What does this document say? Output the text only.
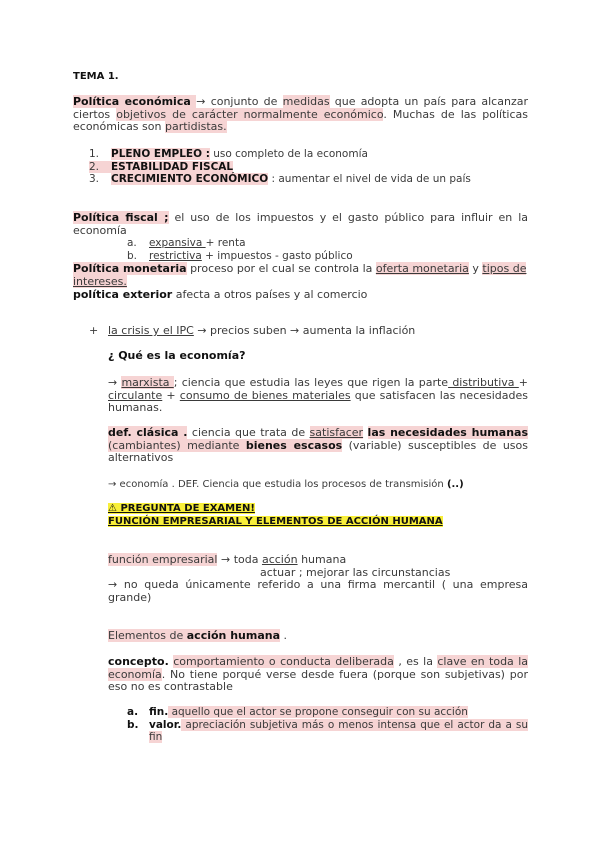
TEMA 1.
Política económica → conjunto de medidas que adopta un país para alcanzar ciertos objetivos de carácter normalmente económico. Muchas de las políticas económicas son partidistas.
1. PLENO EMPLEO : uso completo de la economía
2. ESTABILIDAD FISCAL
3. CRECIMIENTO ECONÓMICO : aumentar el nivel de vida de un país
Política fiscal ; el uso de los impuestos y el gasto público para influir en la economía
a. expansiva + renta
b. restrictiva + impuestos - gasto público
Política monetaria proceso por el cual se controla la oferta monetaria y tipos de intereses.
política exterior afecta a otros países y al comercio
+ la crisis y el IPC → precios suben → aumenta la inflación
¿ Qué es la economía?
→ marxista ; ciencia que estudia las leyes que rigen la parte distributiva + circulante + consumo de bienes materiales que satisfacen las necesidades humanas.
def. clásica . ciencia que trata de satisfacer las necesidades humanas (cambiantes) mediante bienes escasos (variable) susceptibles de usos alternativos
→ economía . DEF. Ciencia que estudia los procesos de transmisión (..)
⚠ PREGUNTA DE EXAMEN!
FUNCIÓN EMPRESARIAL Y ELEMENTOS DE ACCIÓN HUMANA
función empresarial → toda acción humana
actuar ; mejorar las circunstancias
→ no queda únicamente referido a una firma mercantil ( una empresa grande)
Elementos de acción humana .
concepto. comportamiento o conducta deliberada , es la clave en toda la economía. No tiene porqué verse desde fuera (porque son subjetivas) por eso no es contrastable
a. fin. aquello que el actor se propone conseguir con su acción
b. valor. apreciación subjetiva más o menos intensa que el actor da a su fin
